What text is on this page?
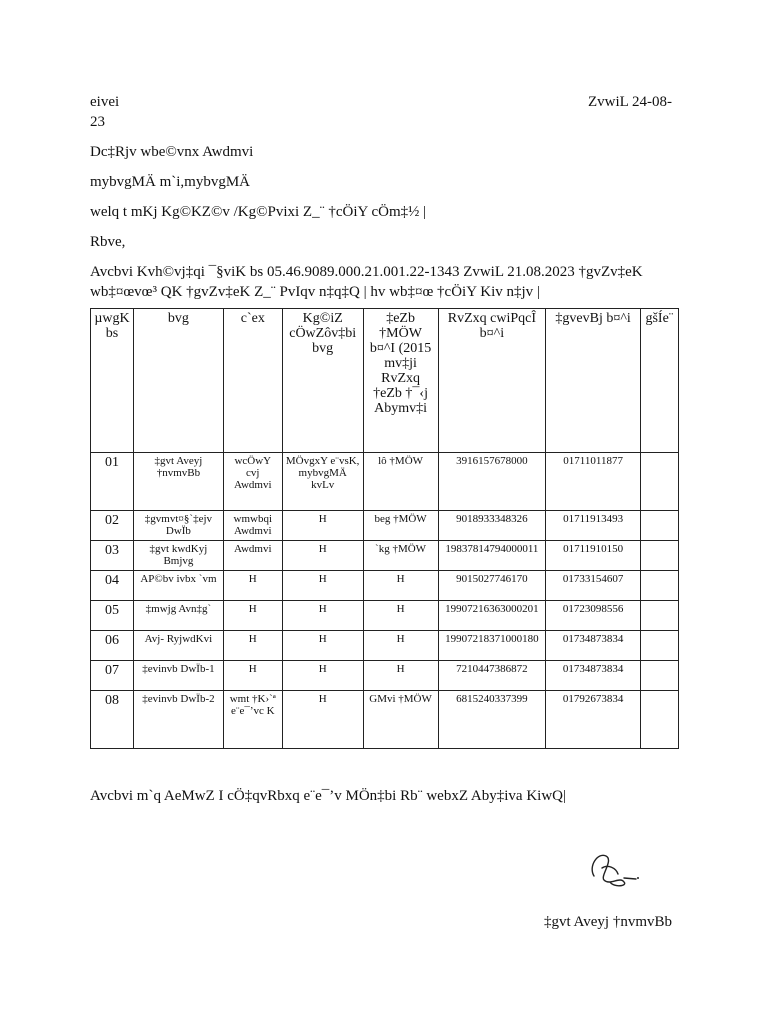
eivei	ZvwiL 24-08-
23
Dc‡Rjv wbe©vnx Awdmvi
mybvgMÄ m`i,mybvgMÄ
welq t mKj Kg©KZ©v /Kg©Pvixi Z_¨ †cÖiY cÖm‡½ |
Rbve,
Avcbvi Kvh©vj‡qi ¯§viK bs 05.46.9089.000.21.001.22-1343 ZvwiL 21.08.2023 †gvZv‡eK
wb‡¤œvœ³ QK †gvZv‡eK Z_¨ PvIqv n‡q‡Q | hv wb‡¤œ †cÖiY Kiv n‡jv |
µwgK bs	bvg	c`ex	Kg©iZ cÖwZôv‡bi bvg	‡eZb †MÖW b¤^I (2015 mv‡ji RvZxq †eZb †¯‹j Abymv‡i	RvZxq cwiPqcÎ b¤^i	‡gvevBj b¤^i	gšÍe¨
01	‡gvt Aveyj †nvmvBb	wcÖwY cvj Awdmvi	MÖvgxY e¨vsK, mybvgMÄ kvLv	lô †MÖW	3916157678000	01711011877	
02	‡gvmvt¤§`‡ejv DwÏb	wmwbqi Awdmvi	H	beg †MÖW	9018933348326	01711913493	
03	‡gvt kwdKyj Bmjvg	Awdmvi	H	`kg †MÖW	19837814794000011	01711910150	
04	AP©bv ivbx `vm	H	H	H	9015027746170	01733154607	
05	‡mwjg Avn‡g`	H	H	H	19907216363000201	01723098556	
06	Avj- RyjwdKvi	H	H	H	19907218371000180	01734873834	
07	‡evinvb DwÏb-1	H	H	H	7210447386872	01734873834	
08	‡evinvb DwÏb-2	wmt †K›`ª e¨e¯’vc K	H	GMvi †MÖW	6815240337399	01792673834	
Avcbvi m`q AeMwZ I cÖ‡qvRbxq e¨e¯’v MÖn‡bi Rb¨ webxZ Aby‡iva KiwQ|
‡gvt Aveyj †nvmvBb
